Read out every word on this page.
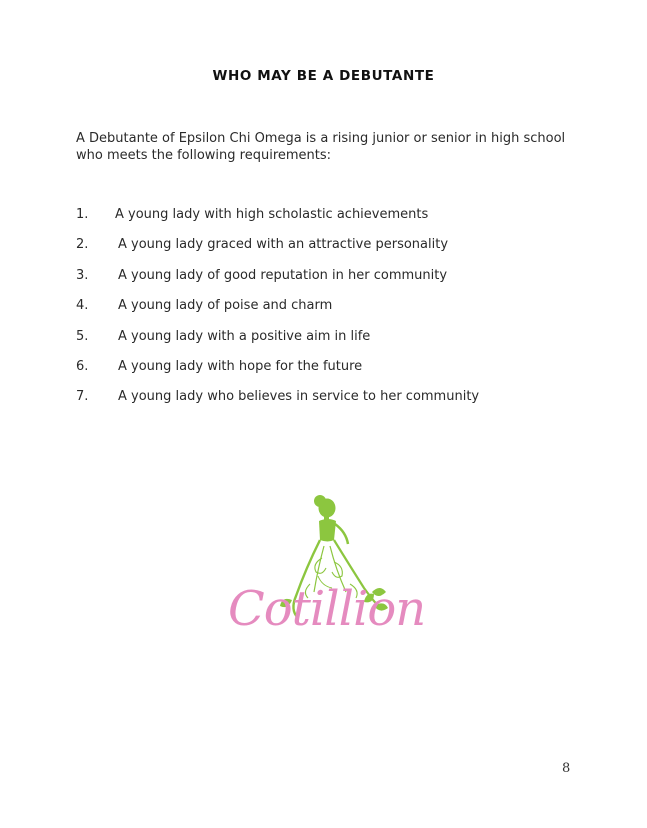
WHO MAY BE A DEBUTANTE
A Debutante of Epsilon Chi Omega is a rising junior or senior in high school who meets the following requirements:
1. A young lady with high scholastic achievements
2. A young lady graced with an attractive personality
3. A young lady of good reputation in her community
4. A young lady of poise and charm
5. A young lady with a positive aim in life
6. A young lady with hope for the future
7. A young lady who believes in service to her community
Cotillion
8
